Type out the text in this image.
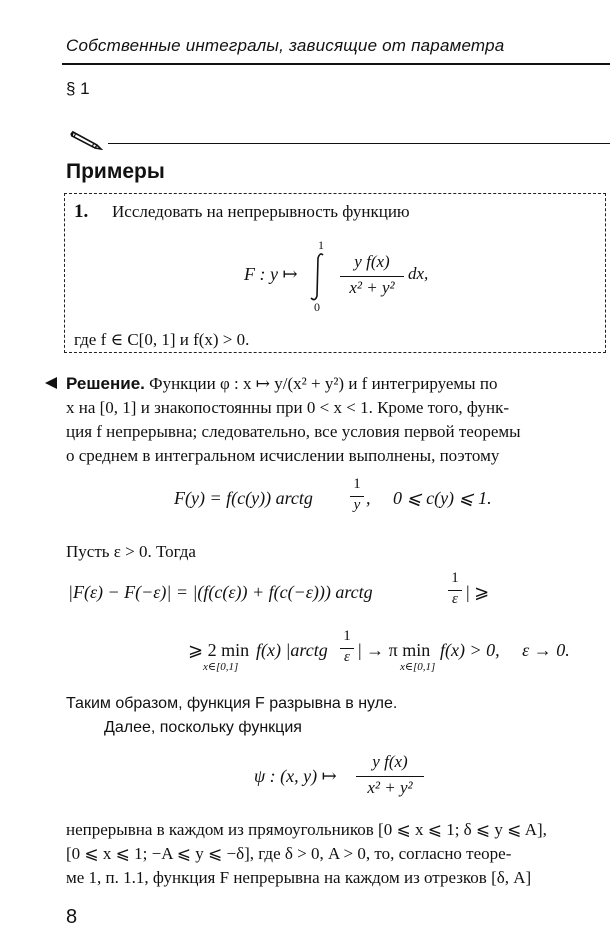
Собственные интегралы, зависящие от параметра
§ 1
Примеры
1. Исследовать на непрерывность функцию
F : y ↦
1
0
y f(x)
x² + y²
dx,
где f ∈ C[0, 1] и f(x) > 0.
Решение. Функции φ : x ↦ y/(x² + y²) и f интегрируемы по
x на [0, 1] и знакопостоянны при 0 < x < 1. Кроме того, функ-
ция f непрерывна; следовательно, все условия первой теоремы
о среднем в интегральном исчислении выполнены, поэтому
F(y) = f(c(y)) arctg
1
y ,     0 ⩽ c(y) ⩽ 1.
Пусть ε > 0. Тогда
|F(ε) − F(−ε)| = |(f(c(ε)) + f(c(−ε))) arctg
1
ε | ⩾
⩾ 2 min
x∈[0,1]
f(x) |arctg
1
ε | → π min
x∈[0,1]
f(x) > 0,     ε → 0.
Таким образом, функция F разрывна в нуле.
Далее, поскольку функция
ψ : (x, y) ↦
y f(x)
x² + y²
непрерывна в каждом из прямоугольников [0 ⩽ x ⩽ 1; δ ⩽ y ⩽ A],
[0 ⩽ x ⩽ 1; −A ⩽ y ⩽ −δ], где δ > 0, A > 0, то, согласно теоре-
ме 1, п. 1.1, функция F непрерывна на каждом из отрезков [δ, A]
8
